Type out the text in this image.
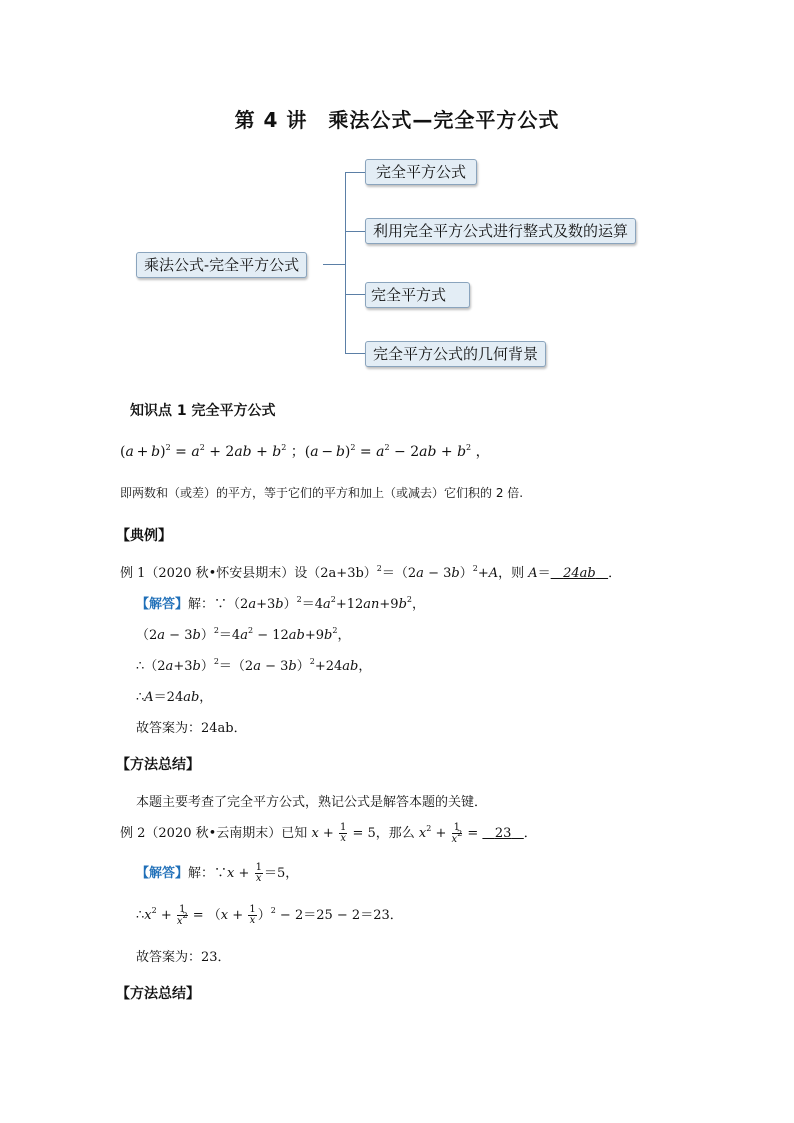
第 4 讲　乘法公式—完全平方公式
乘法公式-完全平方公式
完全平方公式
利用完全平方公式进行整式及数的运算
完全平方式
完全平方公式的几何背景
知识点 1 完全平方公式
$(a + b)^2 = a^2 + 2ab + b^2$ ；$(a - b)^2 = a^2 - 2ab + b^2$ ，
即两数和（或差）的平方，等于它们的平方和加上（或减去）它们积的 2 倍.
【典例】
例 1（2020 秋•怀安县期末）设$(2a+3b)^2=(2a - 3b)^2+A$，则 A＝ 24ab ．
【解答】解：$\because(2a+3b)^2=4a^2+12an+9b^2$，
$(2a - 3b)^2=4a^2 - 12ab+9b^2$，
$\therefore(2a+3b)^2=(2a - 3b)^2+24ab$，
∴A＝24ab，
故答案为：24ab．
【方法总结】
本题主要考查了完全平方公式，熟记公式是解答本题的关键．
例 2（2020 秋•云南期末）已知 $x + \frac{1}{x} = 5$，那么 $x^2 + \frac{1}{x^2}$ =    23 ．
【解答】解：∵x + $\frac{1}{x} =5$，
$\therefore x^2 + \frac{1}{x^2} = (x + \frac{1}{x} )^2 - 2=25 - 2=23$．
故答案为：23．
【方法总结】
